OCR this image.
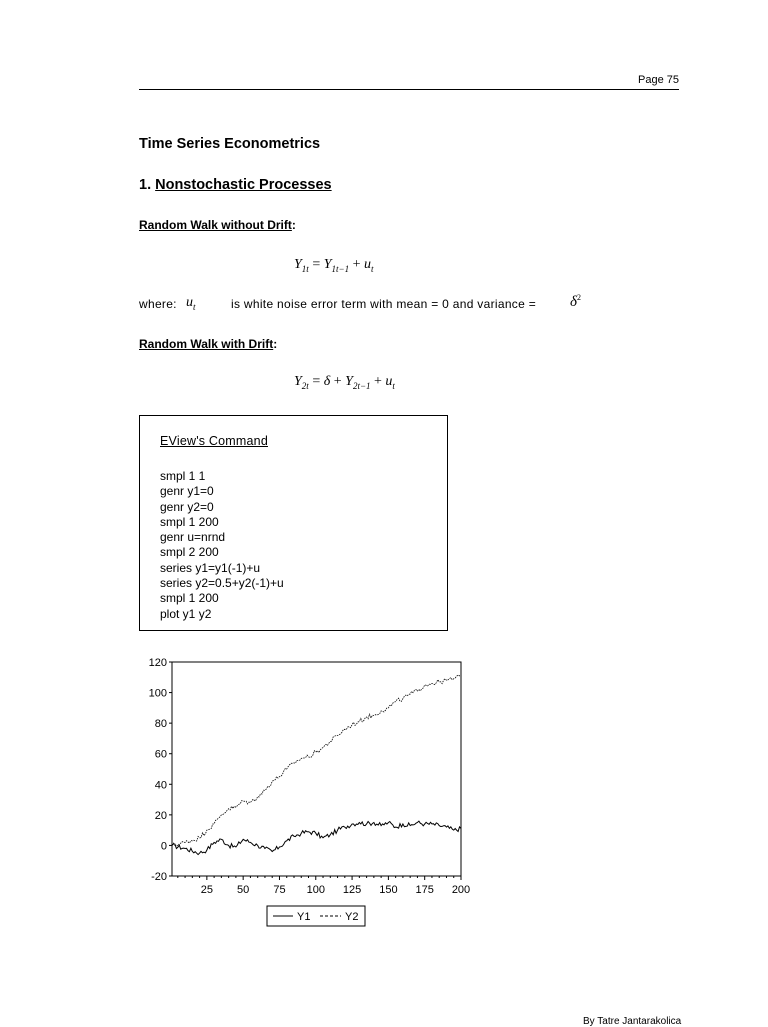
Page 75
Time Series Econometrics
1. Nonstochastic Processes
Random Walk without Drift:
$Y_{1t} = Y_{1t-1} + u_t$
where: $u_t$	is white noise error term with mean = 0 and variance = $\delta^2$
Random Walk with Drift:
$Y_{2t} = \delta + Y_{2t-1} + u_t$
EView's Command
smpl 1 1
genr y1=0
genr y2=0
smpl 1 200
genr u=nrnd
smpl 2 200
series y1=y1(-1)+u
series y2=0.5+y2(-1)+u
smpl 1 200
plot y1 y2
120
100
80
60
40
20
0
-20
25 50 75 100 125 150 175 200
Y1	Y2
By Tatre Jantarakolica
